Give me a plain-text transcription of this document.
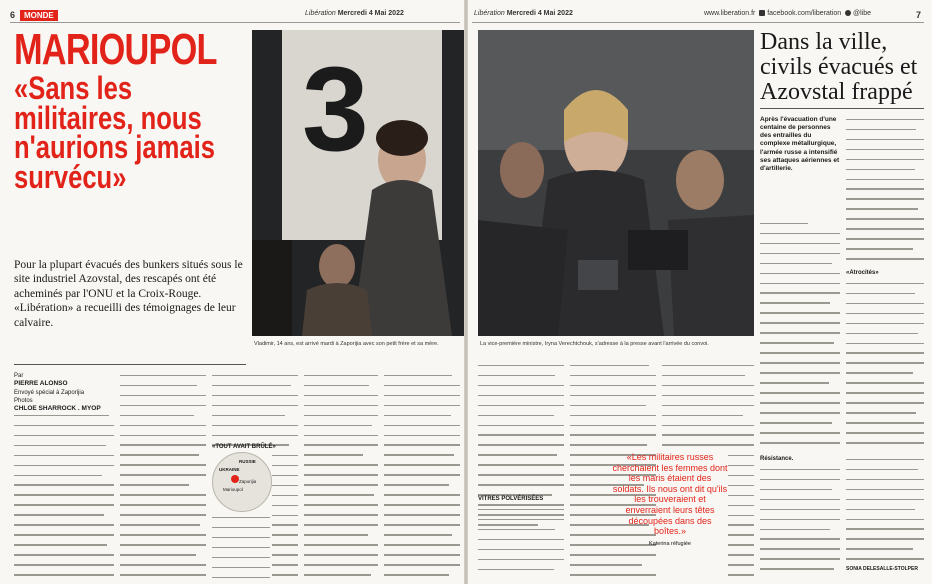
6 MONDE	Libération Mercredi 4 Mai 2022
MARIOUPOL
«Sans les militaires, nous n'aurions jamais survécu»
Pour la plupart évacués des bunkers situés sous le site industriel Azovstal, des rescapés ont été acheminés par l'ONU et la Croix-Rouge. «Libération» a recueilli des témoignages de leur calvaire.
Par
PIERRE ALONSO
Envoyé spécial à Zaporijia
Photos
CHLOE SHARROCK . MYOP
3
Vladimir, 14 ans, est arrivé mardi à Zaporijia avec son petit frère et sa mère.
«TOUT AVAIT BRÛLÉ»
RUSSIE
UKRAINE
Marioupol
Zaporijia
Libération Mercredi 4 Mai 2022	www.liberation.fr facebook.com/liberation @libe	7
La vice-première ministre, Iryna Verechtchouk, s'adresse à la presse avant l'arrivée du convoi.
Dans la ville, civils évacués et Azovstal frappé
Après l'évacuation d'une centaine de personnes des entrailles du complexe métallurgique, l'armée russe a intensifié ses attaques aériennes et d'artillerie.
«Atrocités»
Résistance.
SONIA DELESALLE-STOLPER
VITRES POLVÉRISÉES
«Les militaires russes cherchaient les femmes dont les maris étaient des soldats. Ils nous ont dit qu'ils les trouveraient et enverraient leurs têtes découpées dans des boîtes.»
Katerina réfugiée
